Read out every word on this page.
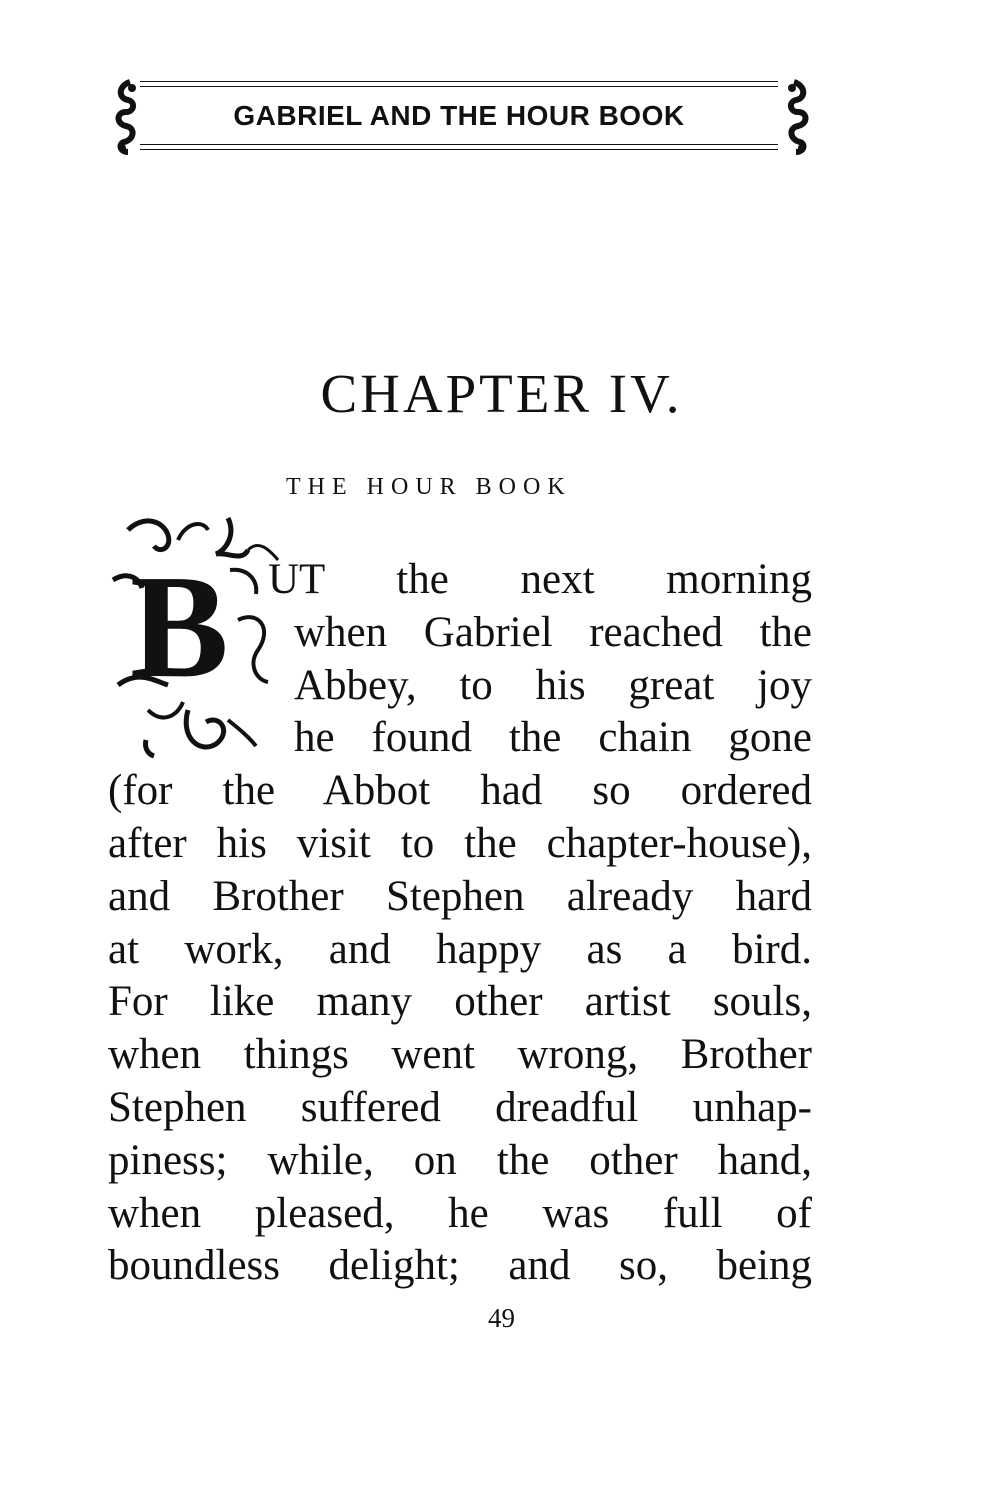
GABRIEL AND THE HOUR BOOK
CHAPTER IV.
THE HOUR BOOK
B UT the next morning
when Gabriel reached the
Abbey, to his great joy
he found the chain gone
(for the Abbot had so ordered
after his visit to the chapter-house),
and Brother Stephen already hard
at work, and happy as a bird.
For like many other artist souls,
when things went wrong, Brother
Stephen suffered dreadful unhap-
piness; while, on the other hand,
when pleased, he was full of
boundless delight; and so, being
49
